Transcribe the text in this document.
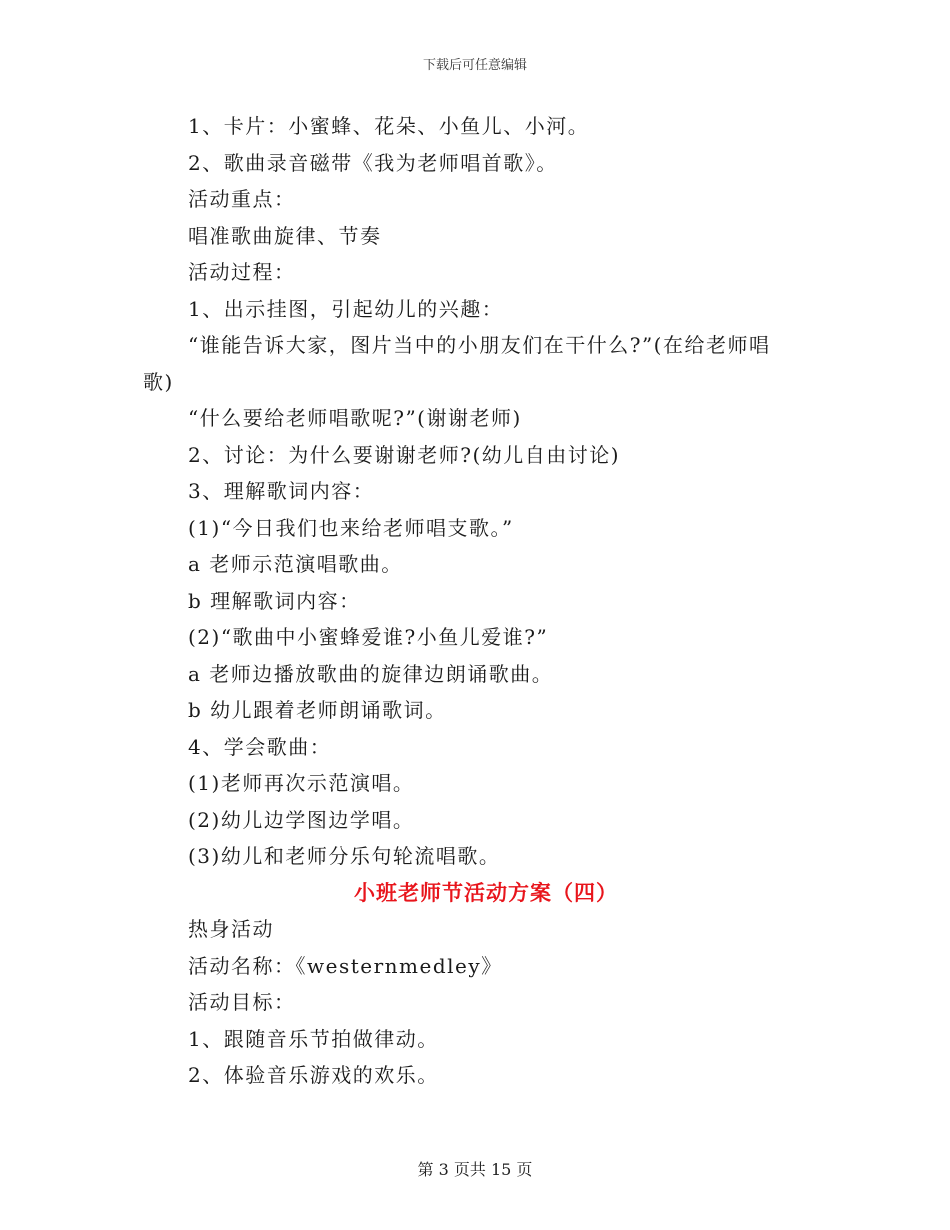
下载后可任意编辑
1、卡片：小蜜蜂、花朵、小鱼儿、小河。
2、歌曲录音磁带《我为老师唱首歌》。
活动重点：
唱准歌曲旋律、节奏
活动过程：
1、出示挂图，引起幼儿的兴趣：
“谁能告诉大家，图片当中的小朋友们在干什么?”(在给老师唱
歌)
“什么要给老师唱歌呢?”(谢谢老师)
2、讨论：为什么要谢谢老师?(幼儿自由讨论)
3、理解歌词内容：
(1)“今日我们也来给老师唱支歌。”
a 老师示范演唱歌曲。
b 理解歌词内容：
(2)“歌曲中小蜜蜂爱谁?小鱼儿爱谁?”
a 老师边播放歌曲的旋律边朗诵歌曲。
b 幼儿跟着老师朗诵歌词。
4、学会歌曲：
(1)老师再次示范演唱。
(2)幼儿边学图边学唱。
(3)幼儿和老师分乐句轮流唱歌。
小班老师节活动方案（四）
热身活动
活动名称：《westernmedley》
活动目标：
1、跟随音乐节拍做律动。
2、体验音乐游戏的欢乐。
第 3 页共 15 页
